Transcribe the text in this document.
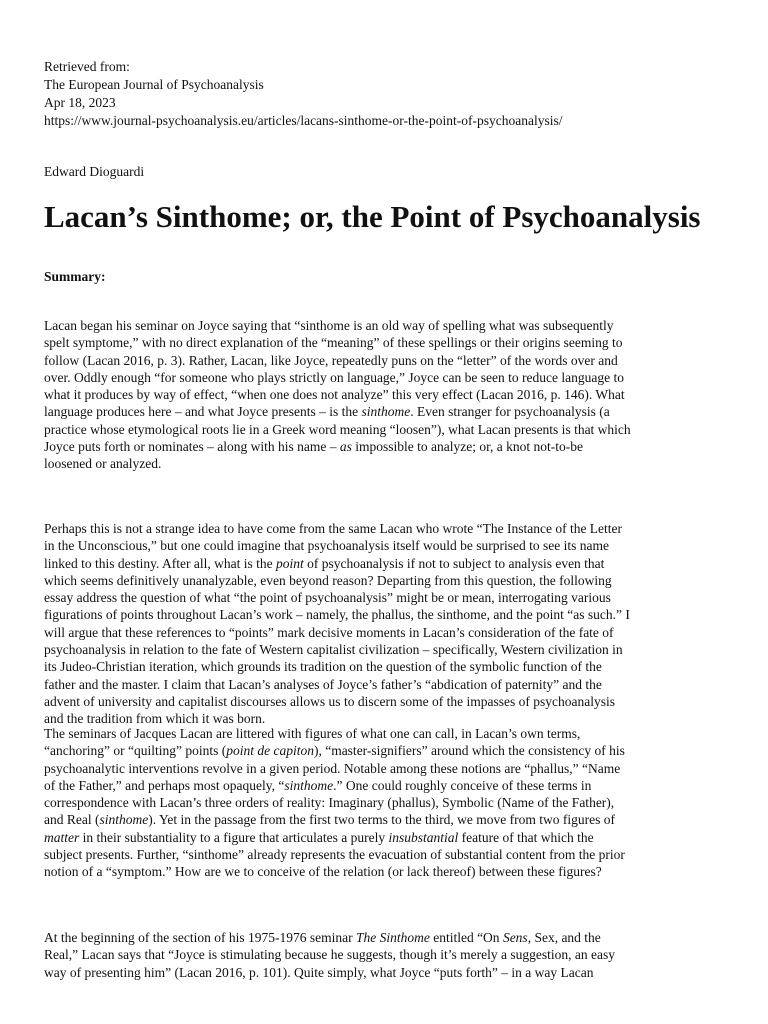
Retrieved from:

The European Journal of Psychoanalysis

Apr 18, 2023

https://www.journal-psychoanalysis.eu/articles/lacans-sinthome-or-the-point-of-psychoanalysis/

Edward Dioguardi

Lacan’s Sinthome; or, the Point of Psychoanalysis

Summary:

Lacan began his seminar on Joyce saying that “sinthome is an old way of spelling what was subsequently
spelt symptome,” with no direct explanation of the “meaning” of these spellings or their origins seeming to
follow (Lacan 2016, p. 3). Rather, Lacan, like Joyce, repeatedly puns on the “letter” of the words over and
over. Oddly enough “for someone who plays strictly on language,” Joyce can be seen to reduce language to
what it produces by way of effect, “when one does not analyze” this very effect (Lacan 2016, p. 146). What
language produces here – and what Joyce presents – is the sinthome. Even stranger for psychoanalysis (a
practice whose etymological roots lie in a Greek word meaning “loosen”), what Lacan presents is that which
Joyce puts forth or nominates – along with his name – as impossible to analyze; or, a knot not-to-be
loosened or analyzed.

Perhaps this is not a strange idea to have come from the same Lacan who wrote “The Instance of the Letter
in the Unconscious,” but one could imagine that psychoanalysis itself would be surprised to see its name
linked to this destiny. After all, what is the point of psychoanalysis if not to subject to analysis even that
which seems definitively unanalyzable, even beyond reason? Departing from this question, the following
essay address the question of what “the point of psychoanalysis” might be or mean, interrogating various
figurations of points throughout Lacan’s work – namely, the phallus, the sinthome, and the point “as such.” I
will argue that these references to “points” mark decisive moments in Lacan’s consideration of the fate of
psychoanalysis in relation to the fate of Western capitalist civilization – specifically, Western civilization in
its Judeo-Christian iteration, which grounds its tradition on the question of the symbolic function of the
father and the master. I claim that Lacan’s analyses of Joyce’s father’s “abdication of paternity” and the
advent of university and capitalist discourses allows us to discern some of the impasses of psychoanalysis
and the tradition from which it was born.

The seminars of Jacques Lacan are littered with figures of what one can call, in Lacan’s own terms,
“anchoring” or “quilting” points (point de capiton), “master-signifiers” around which the consistency of his
psychoanalytic interventions revolve in a given period. Notable among these notions are “phallus,” “Name
of the Father,” and perhaps most opaquely, “sinthome.” One could roughly conceive of these terms in
correspondence with Lacan’s three orders of reality: Imaginary (phallus), Symbolic (Name of the Father),
and Real (sinthome). Yet in the passage from the first two terms to the third, we move from two figures of
matter in their substantiality to a figure that articulates a purely insubstantial feature of that which the
subject presents. Further, “sinthome” already represents the evacuation of substantial content from the prior
notion of a “symptom.” How are we to conceive of the relation (or lack thereof) between these figures?

At the beginning of the section of his 1975-1976 seminar The Sinthome entitled “On Sens, Sex, and the
Real,” Lacan says that “Joyce is stimulating because he suggests, though it’s merely a suggestion, an easy
way of presenting him” (Lacan 2016, p. 101). Quite simply, what Joyce “puts forth” – in a way Lacan
